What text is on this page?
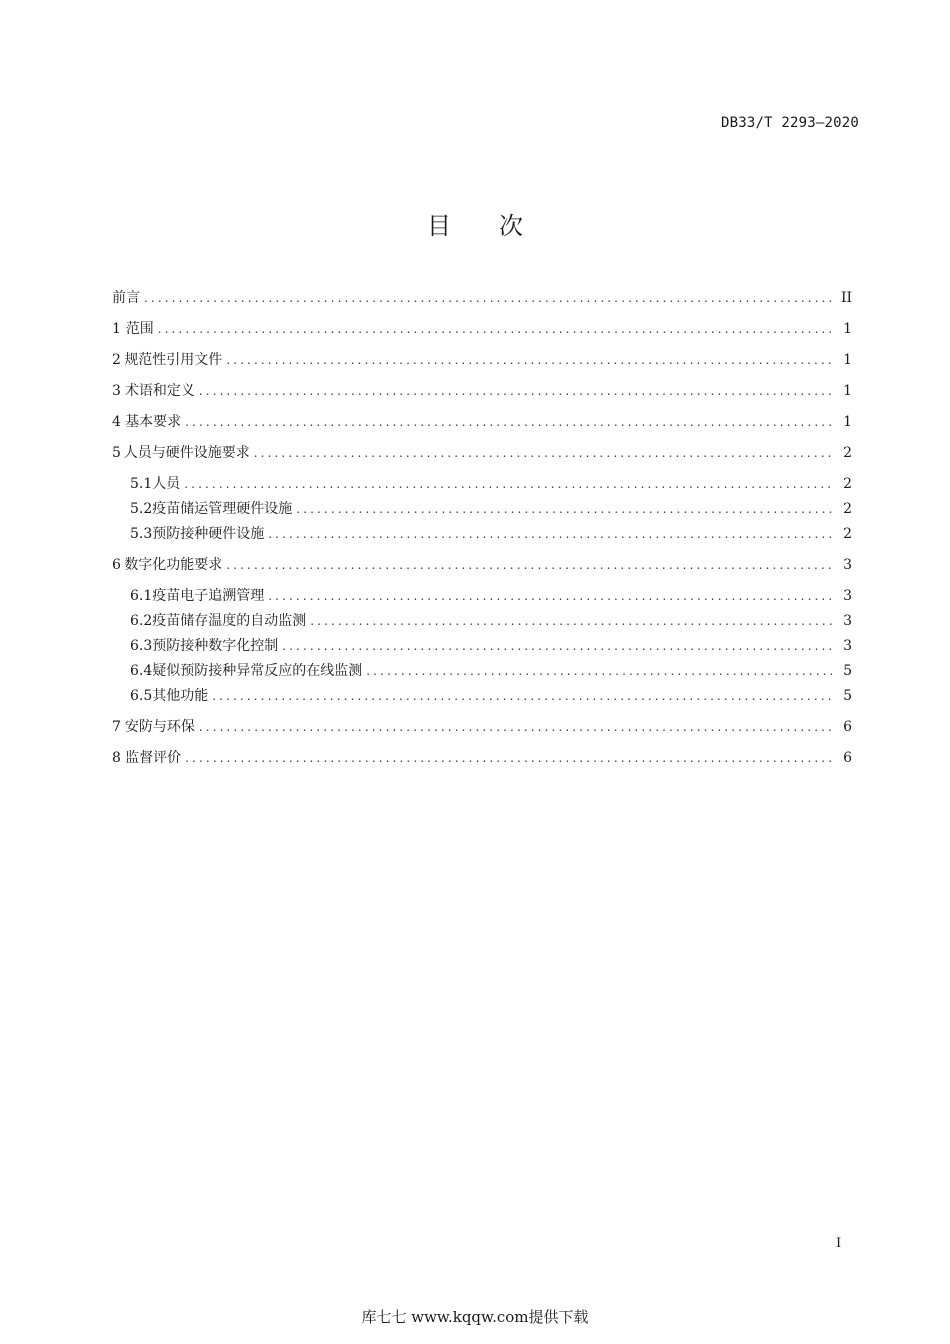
DB33/T 2293—2020
目次
前言 .....	II
1 范围 .....	1
2 规范性引用文件 .....	1
3 术语和定义 .....	1
4 基本要求 .....	1
5 人员与硬件设施要求 .....	2
5.1 人员 .....	2
5.2 疫苗储运管理硬件设施 .....	2
5.3 预防接种硬件设施 .....	2
6 数字化功能要求 .....	3
6.1 疫苗电子追溯管理 .....	3
6.2 疫苗储存温度的自动监测 .....	3
6.3 预防接种数字化控制 .....	3
6.4 疑似预防接种异常反应的在线监测 .....	5
6.5 其他功能 .....	5
7 安防与环保 .....	6
8 监督评价 .....	6
I
库七七 www.kqqw.com提供下载
